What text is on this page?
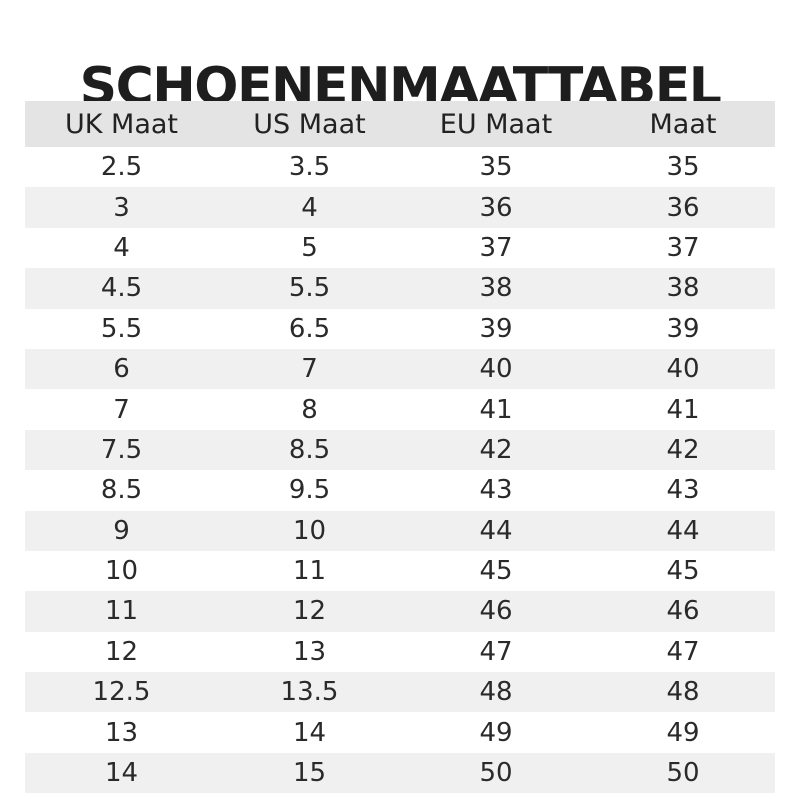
SCHOENENMAATTABEL
UK Maat	US Maat	EU Maat	Maat
2.5	3.5	35	35
3	4	36	36
4	5	37	37
4.5	5.5	38	38
5.5	6.5	39	39
6	7	40	40
7	8	41	41
7.5	8.5	42	42
8.5	9.5	43	43
9	10	44	44
10	11	45	45
11	12	46	46
12	13	47	47
12.5	13.5	48	48
13	14	49	49
14	15	50	50
